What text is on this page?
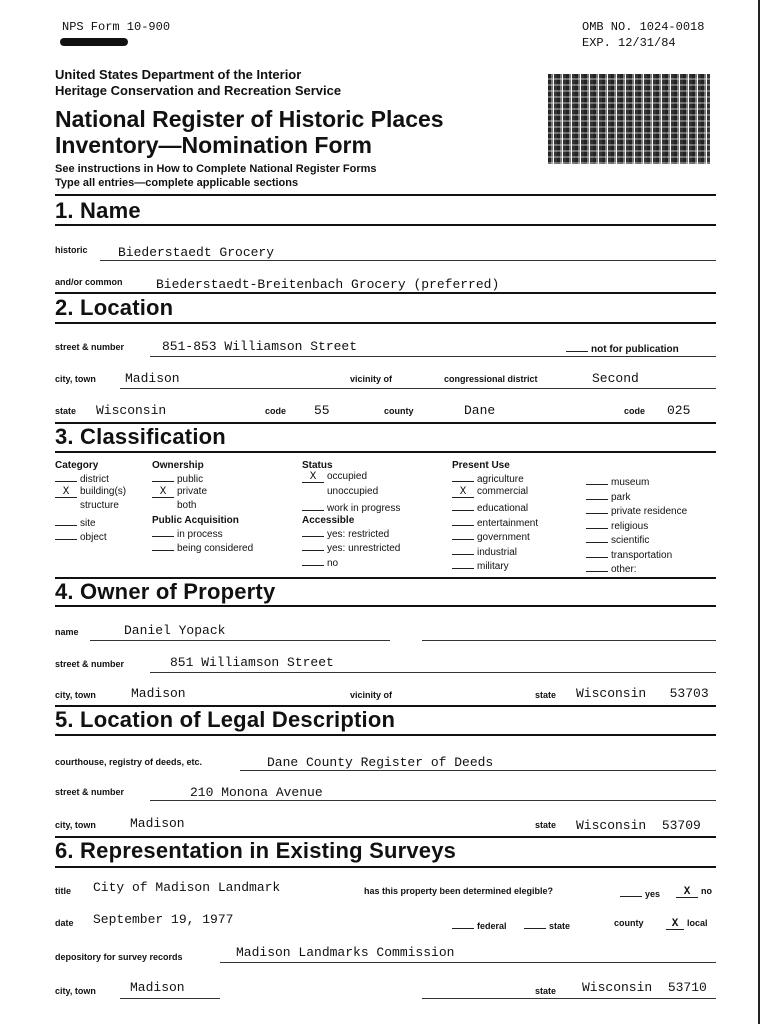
NPS Form 10-900	OMB NO. 1024-0018
EXP. 12/31/84
United States Department of the Interior
Heritage Conservation and Recreation Service
National Register of Historic Places
Inventory—Nomination Form
See instructions in How to Complete National Register Forms
Type all entries—complete applicable sections
1. Name
historic Biederstaedt Grocery
and/or common	Biederstaedt-Breitenbach Grocery (preferred)
2. Location
street & number	851-853 Williamson Street	not for publication
city, town Madison	vicinity of	congressional district	Second
state Wisconsin	code 55	county	Dane	code 025
3. Classification
Category
district
X building(s)
structure
site
object
Ownership
public
X private
both
Public Acquisition
in process
being considered
Status
X occupied
unoccupied
work in progress
Accessible
yes: restricted
yes: unrestricted
no
Present Use
agriculture
X commercial
educational
entertainment
government
industrial
military
museum
park
private residence
religious
scientific
transportation
other:
4. Owner of Property
name	Daniel Yopack
street & number	851 Williamson Street
city, town	Madison	vicinity of	state Wisconsin   53703
5. Location of Legal Description
courthouse, registry of deeds, etc.	Dane County Register of Deeds
street & number	210 Monona Avenue
city, town	Madison	state Wisconsin  53709
6. Representation in Existing Surveys
title City of Madison Landmark	has this property been determined elegible?	yes	X no
date September 19, 1977	federal	state	county	X local
depository for survey records	Madison Landmarks Commission
city, town	Madison	state Wisconsin  53710
